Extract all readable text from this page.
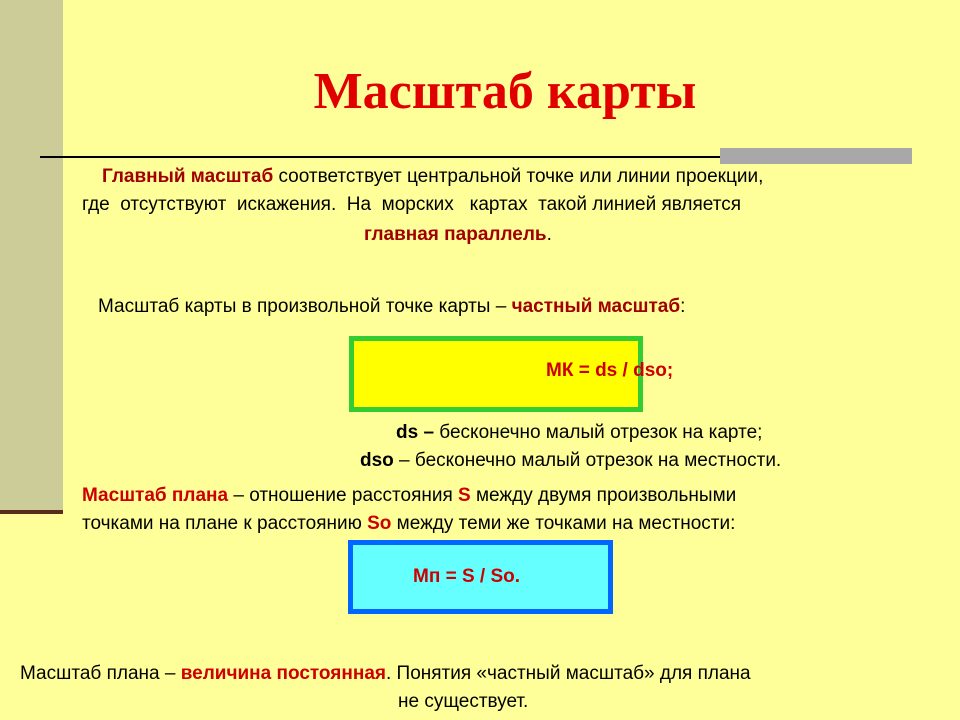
Масштаб карты

Главный масштаб соответствует центральной точке или линии проекции,

где  отсутствуют  искажения.  На  морских   картах  такой линией является

главная параллель.

Масштаб карты в произвольной точке карты – частный масштаб:

МК = ds / dsо;

ds – бесконечно малый отрезок на карте;

dsо – бесконечно малый отрезок на местности.

Масштаб плана – отношение расстояния S между двумя произвольными

точками на плане к расстоянию Sо между теми же точками на местности:

Мп = S / Sо.

Масштаб плана – величина постоянная. Понятия «частный масштаб» для плана

не существует.
